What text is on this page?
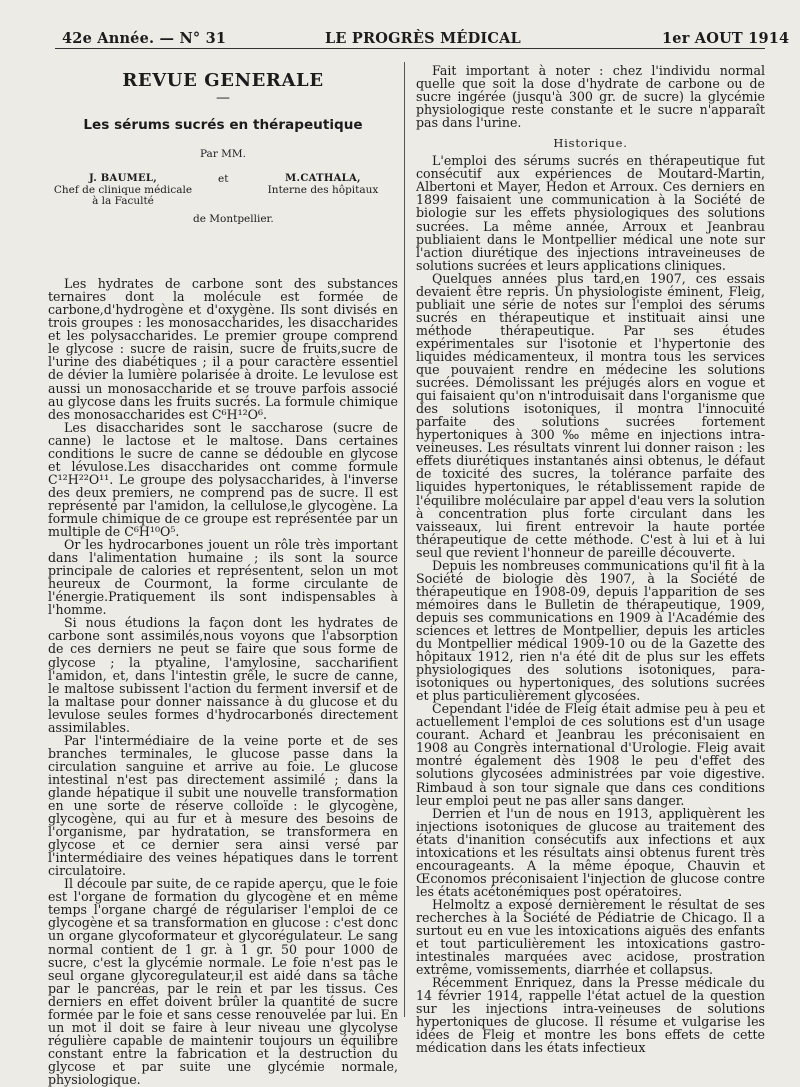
42e Année. — N° 31	LE PROGRÈS MÉDICAL	1er AOUT 1914
REVUE GENERALE
—
Les sérums sucrés en thérapeutique
Par MM.
J. BAUMEL,
Chef de clinique médicale
à la Faculté
et	M.CATHALA,
Interne des hôpitaux
de Montpellier.

Les hydrates de carbone sont des substances ternaires dont la molécule est formée de carbone,d'hydrogène et d'oxygène. Ils sont divisés en trois groupes : les monosaccharides, les disaccharides et les polysaccharides. Le premier groupe comprend le glycose : sucre de raisin, sucre de fruits,sucre de l'urine des diabétiques ; il a pour caractère essentiel de dévier la lumière polarisée à droite. Le levulose est aussi un monosaccharide et se trouve parfois associé au glycose dans les fruits sucrés. La formule chimique des monosaccharides est C⁶H¹²O⁶.

Les disaccharides sont le saccharose (sucre de canne) le lactose et le maltose. Dans certaines conditions le sucre de canne se dédouble en glycose et lévulose.Les disaccharides ont comme formule C¹²H²²O¹¹. Le groupe des polysaccharides, à l'inverse des deux premiers, ne comprend pas de sucre. Il est représenté par l'amidon, la cellulose,le glycogène. La formule chimique de ce groupe est représentée par un multiple de C⁶H¹⁰O⁵.

Or les hydrocarbones jouent un rôle très important dans l'alimentation humaine ; ils sont la source principale de calories et représentent, selon un mot heureux de Courmont, la forme circulante de l'énergie.Pratiquement ils sont indispensables à l'homme.

Si nous étudions la façon dont les hydrates de carbone sont assimilés,nous voyons que l'absorption de ces derniers ne peut se faire que sous forme de glycose ; la ptyaline, l'amylosine, saccharifient l'amidon, et, dans l'intestin grêle, le sucre de canne, le maltose subissent l'action du ferment inversif et de la maltase pour donner naissance à du glucose et du levulose seules formes d'hydrocarbonés directement assimilables.

Par l'intermédiaire de la veine porte et de ses branches terminales, le glucose passe dans la circulation sanguine et arrive au foie. Le glucose intestinal n'est pas directement assimilé ; dans la glande hépatique il subit une nouvelle transformation en une sorte de réserve colloïde : le glycogène, glycogène, qui au fur et à mesure des besoins de l'organisme, par hydratation, se transformera en glycose et ce dernier sera ainsi versé par l'intermédiaire des veines hépatiques dans le torrent circulatoire.

Il découle par suite, de ce rapide aperçu, que le foie est l'organe de formation du glycogène et en même temps l'organe chargé de régulariser l'emploi de ce glycogène et sa transformation en glucose : c'est donc un organe glycoformateur et glycorégulateur. Le sang normal contient de 1 gr. à 1 gr. 50 pour 1000 de sucre, c'est la glycémie normale. Le foie n'est pas le seul organe glycoregulateur,il est aidé dans sa tâche par le pancréas, par le rein et par les tissus. Ces derniers en effet doivent brûler la quantité de sucre formée par le foie et sans cesse renouvelée par lui. En un mot il doit se faire à leur niveau une glycolyse régulière capable de maintenir toujours un équilibre constant entre la fabrication et la destruction du glycose et par suite une glycémie normale, physiologique.

Fait important à noter : chez l'individu normal quelle que soit la dose d'hydrate de carbone ou de sucre ingérée (jusqu'à 300 gr. de sucre) la glycémie physiologique reste constante et le sucre n'apparaît pas dans l'urine.

Historique.

L'emploi des sérums sucrés en thérapeutique fut consécutif aux expériences de Moutard-Martin, Albertoni et Mayer, Hedon et Arroux. Ces derniers en 1899 faisaient une communication à la Société de biologie sur les effets physiologiques des solutions sucrées. La même année, Arroux et Jeanbrau publiaient dans le Montpellier médical une note sur l'action diurétique des injections intraveineuses de solutions sucrées et leurs applications cliniques.

Quelques années plus tard,en 1907, ces essais devaient être repris. Un physiologiste éminent, Fleig, publiait une série de notes sur l'emploi des sérums sucrés en thérapeutique et instituait ainsi une méthode thérapeutique. Par ses études expérimentales sur l'isotonie et l'hypertonie des liquides médicamenteux, il montra tous les services que pouvaient rendre en médecine les solutions sucrées. Démolissant les préjugés alors en vogue et qui faisaient qu'on n'introduisait dans l'organisme que des solutions isotoniques, il montra l'innocuité parfaite des solutions sucrées fortement hypertoniques à 300 ‰ même en injections intra-veineuses. Les résultats vinrent lui donner raison : les effets diurétiques instantanés ainsi obtenus, le défaut de toxicité des sucres, la tolérance parfaite des liquides hypertoniques, le rétablissement rapide de l'équilibre moléculaire par appel d'eau vers la solution à concentration plus forte circulant dans les vaisseaux, lui firent entrevoir la haute portée thérapeutique de cette méthode. C'est à lui et à lui seul que revient l'honneur de pareille découverte.

Depuis les nombreuses communications qu'il fit à la Société de biologie dès 1907, à la Société de thérapeutique en 1908-09, depuis l'apparition de ses mémoires dans le Bulletin de thérapeutique, 1909, depuis ses communications en 1909 à l'Académie des sciences et lettres de Montpellier, depuis les articles du Montpellier médical 1909-10 ou de la Gazette des hôpitaux 1912, rien n'a été dit de plus sur les effets physiologiques des solutions isotoniques, para-isotoniques ou hypertoniques, des solutions sucrées et plus particulièrement glycosées.

Cependant l'idée de Fleig était admise peu à peu et actuellement l'emploi de ces solutions est d'un usage courant. Achard et Jeanbrau les préconisaient en 1908 au Congrès international d'Urologie. Fleig avait montré également dès 1908 le peu d'effet des solutions glycosées administrées par voie digestive. Rimbaud à son tour signale que dans ces conditions leur emploi peut ne pas aller sans danger.

Derrien et l'un de nous en 1913, appliquèrent les injections isotoniques de glucose au traitement des états d'inanition consécutifs aux infections et aux intoxications et les résultats ainsi obtenus furent très encourageants. A la même époque, Chauvin et Œconomos préconisaient l'injection de glucose contre les états acétonémiques post opératoires.

Helmoltz a exposé dernièrement le résultat de ses recherches à la Société de Pédiatrie de Chicago. Il a surtout eu en vue les intoxications aiguës des enfants et tout particulièrement les intoxications gastro-intestinales marquées avec acidose, prostration extrême, vomissements, diarrhée et collapsus.

Récemment Enriquez, dans la Presse médicale du 14 février 1914, rappelle l'état actuel de la question sur les injections intra-veineuses de solutions hypertoniques de glucose. Il résume et vulgarise les idées de Fleig et montre les bons effets de cette médication dans les états infectieux
